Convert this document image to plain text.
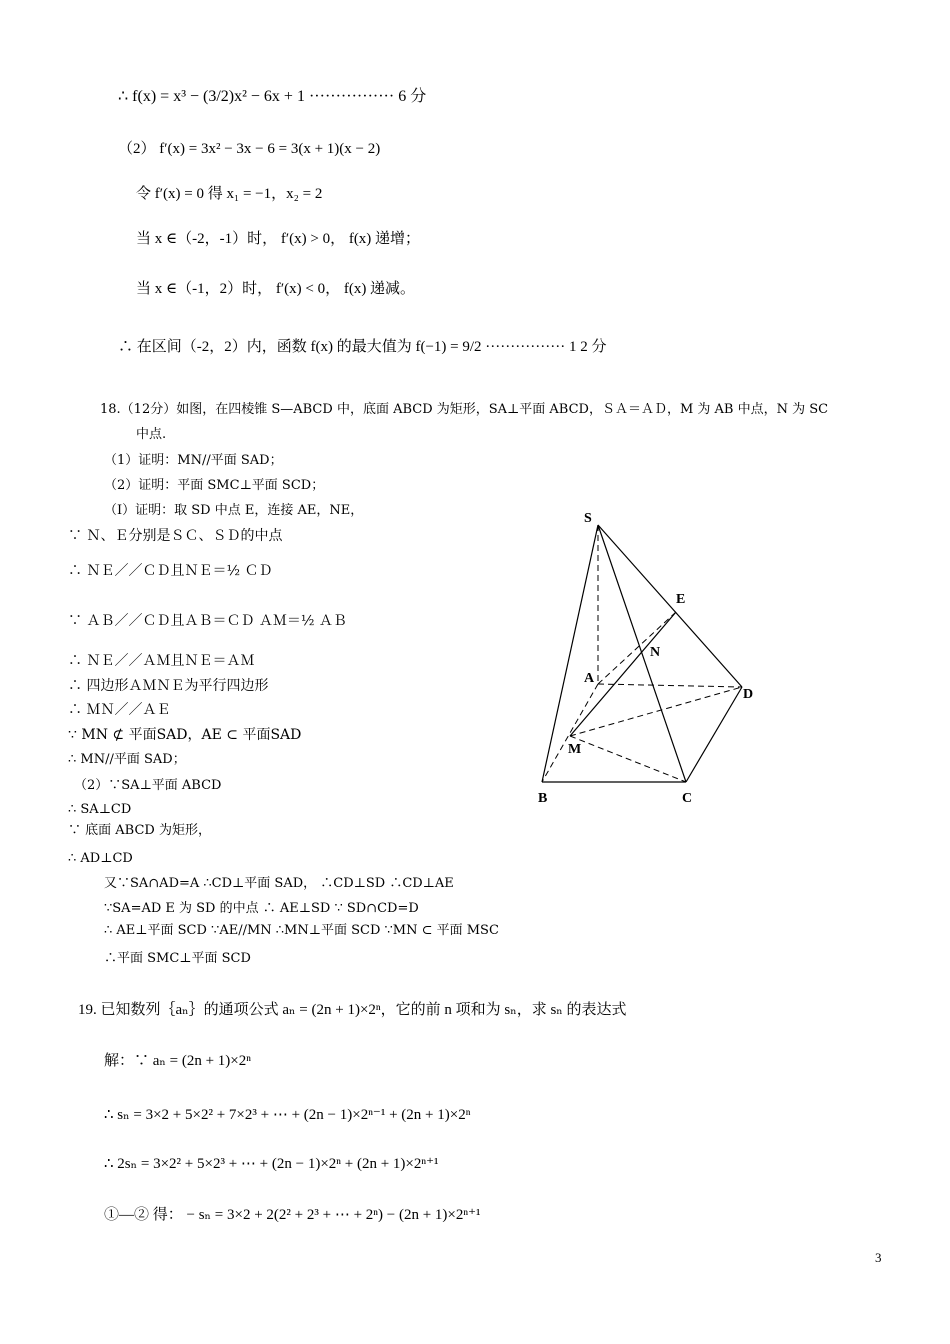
∴ f(x) = x³ − (3/2)x² − 6x + 1 ················ 6 分
（2） f′(x) = 3x² − 3x − 6 = 3(x + 1)(x − 2)
令 f′(x) = 0 得 x₁ = −1，x₂ = 2
当 x ∈（-2，-1）时， f′(x) > 0， f(x) 递增；
当 x ∈（-1，2）时， f′(x) < 0， f(x) 递减。
∴ 在区间（-2，2）内，函数 f(x) 的最大值为 f(−1) = 9/2 ················ 1 2 分
18.（12分）如图，在四棱锥 S—ABCD 中，底面 ABCD 为矩形，SA⊥平面 ABCD，ＳＡ＝ＡＤ，M 为 AB 中点，N 为 SC
中点.
（1）证明：MN//平面 SAD；
（2）证明：平面 SMC⊥平面 SCD；
（I）证明：取 SD 中点 E，连接 AE，NE，
∵ Ｎ、Ｅ分别是ＳＣ、ＳＤ的中点
∴ ＮＥ／／ＣＤ且ＮＥ＝½ ＣＤ
∵ ＡＢ／／ＣＤ且ＡＢ＝ＣＤ ＡＭ＝½ ＡＢ
∴ ＮＥ／／ＡＭ且ＮＥ＝ＡＭ
∴ 四边形ＡＭＮＥ为平行四边形
∴ ＭＮ／／ＡＥ
∵ MN ⊄ 平面SAD，AE ⊂ 平面SAD
∴ MN//平面 SAD；
（2）∵SA⊥平面 ABCD
∴ SA⊥CD
∵ 底面 ABCD 为矩形，
∴ AD⊥CD
又∵SA∩AD=A ∴CD⊥平面 SAD， ∴CD⊥SD ∴CD⊥AE
∵SA=AD E 为 SD 的中点 ∴ AE⊥SD ∵ SD∩CD=D
∴ AE⊥平面 SCD ∵AE//MN ∴MN⊥平面 SCD ∵MN ⊂ 平面 MSC
∴平面 SMC⊥平面 SCD
19. 已知数列｛aₙ｝的通项公式 aₙ = (2n + 1)×2ⁿ，它的前 n 项和为 sₙ，求 sₙ 的表达式
解：∵ aₙ = (2n + 1)×2ⁿ
∴ sₙ = 3×2 + 5×2² + 7×2³ + ⋯ + (2n − 1)×2ⁿ⁻¹ + (2n + 1)×2ⁿ
∴ 2sₙ = 3×2² + 5×2³ + ⋯ + (2n − 1)×2ⁿ + (2n + 1)×2ⁿ⁺¹
①—② 得： − sₙ = 3×2 + 2(2² + 2³ + ⋯ + 2ⁿ) − (2n + 1)×2ⁿ⁺¹
S
E
N
A
D
M
B	C
3
